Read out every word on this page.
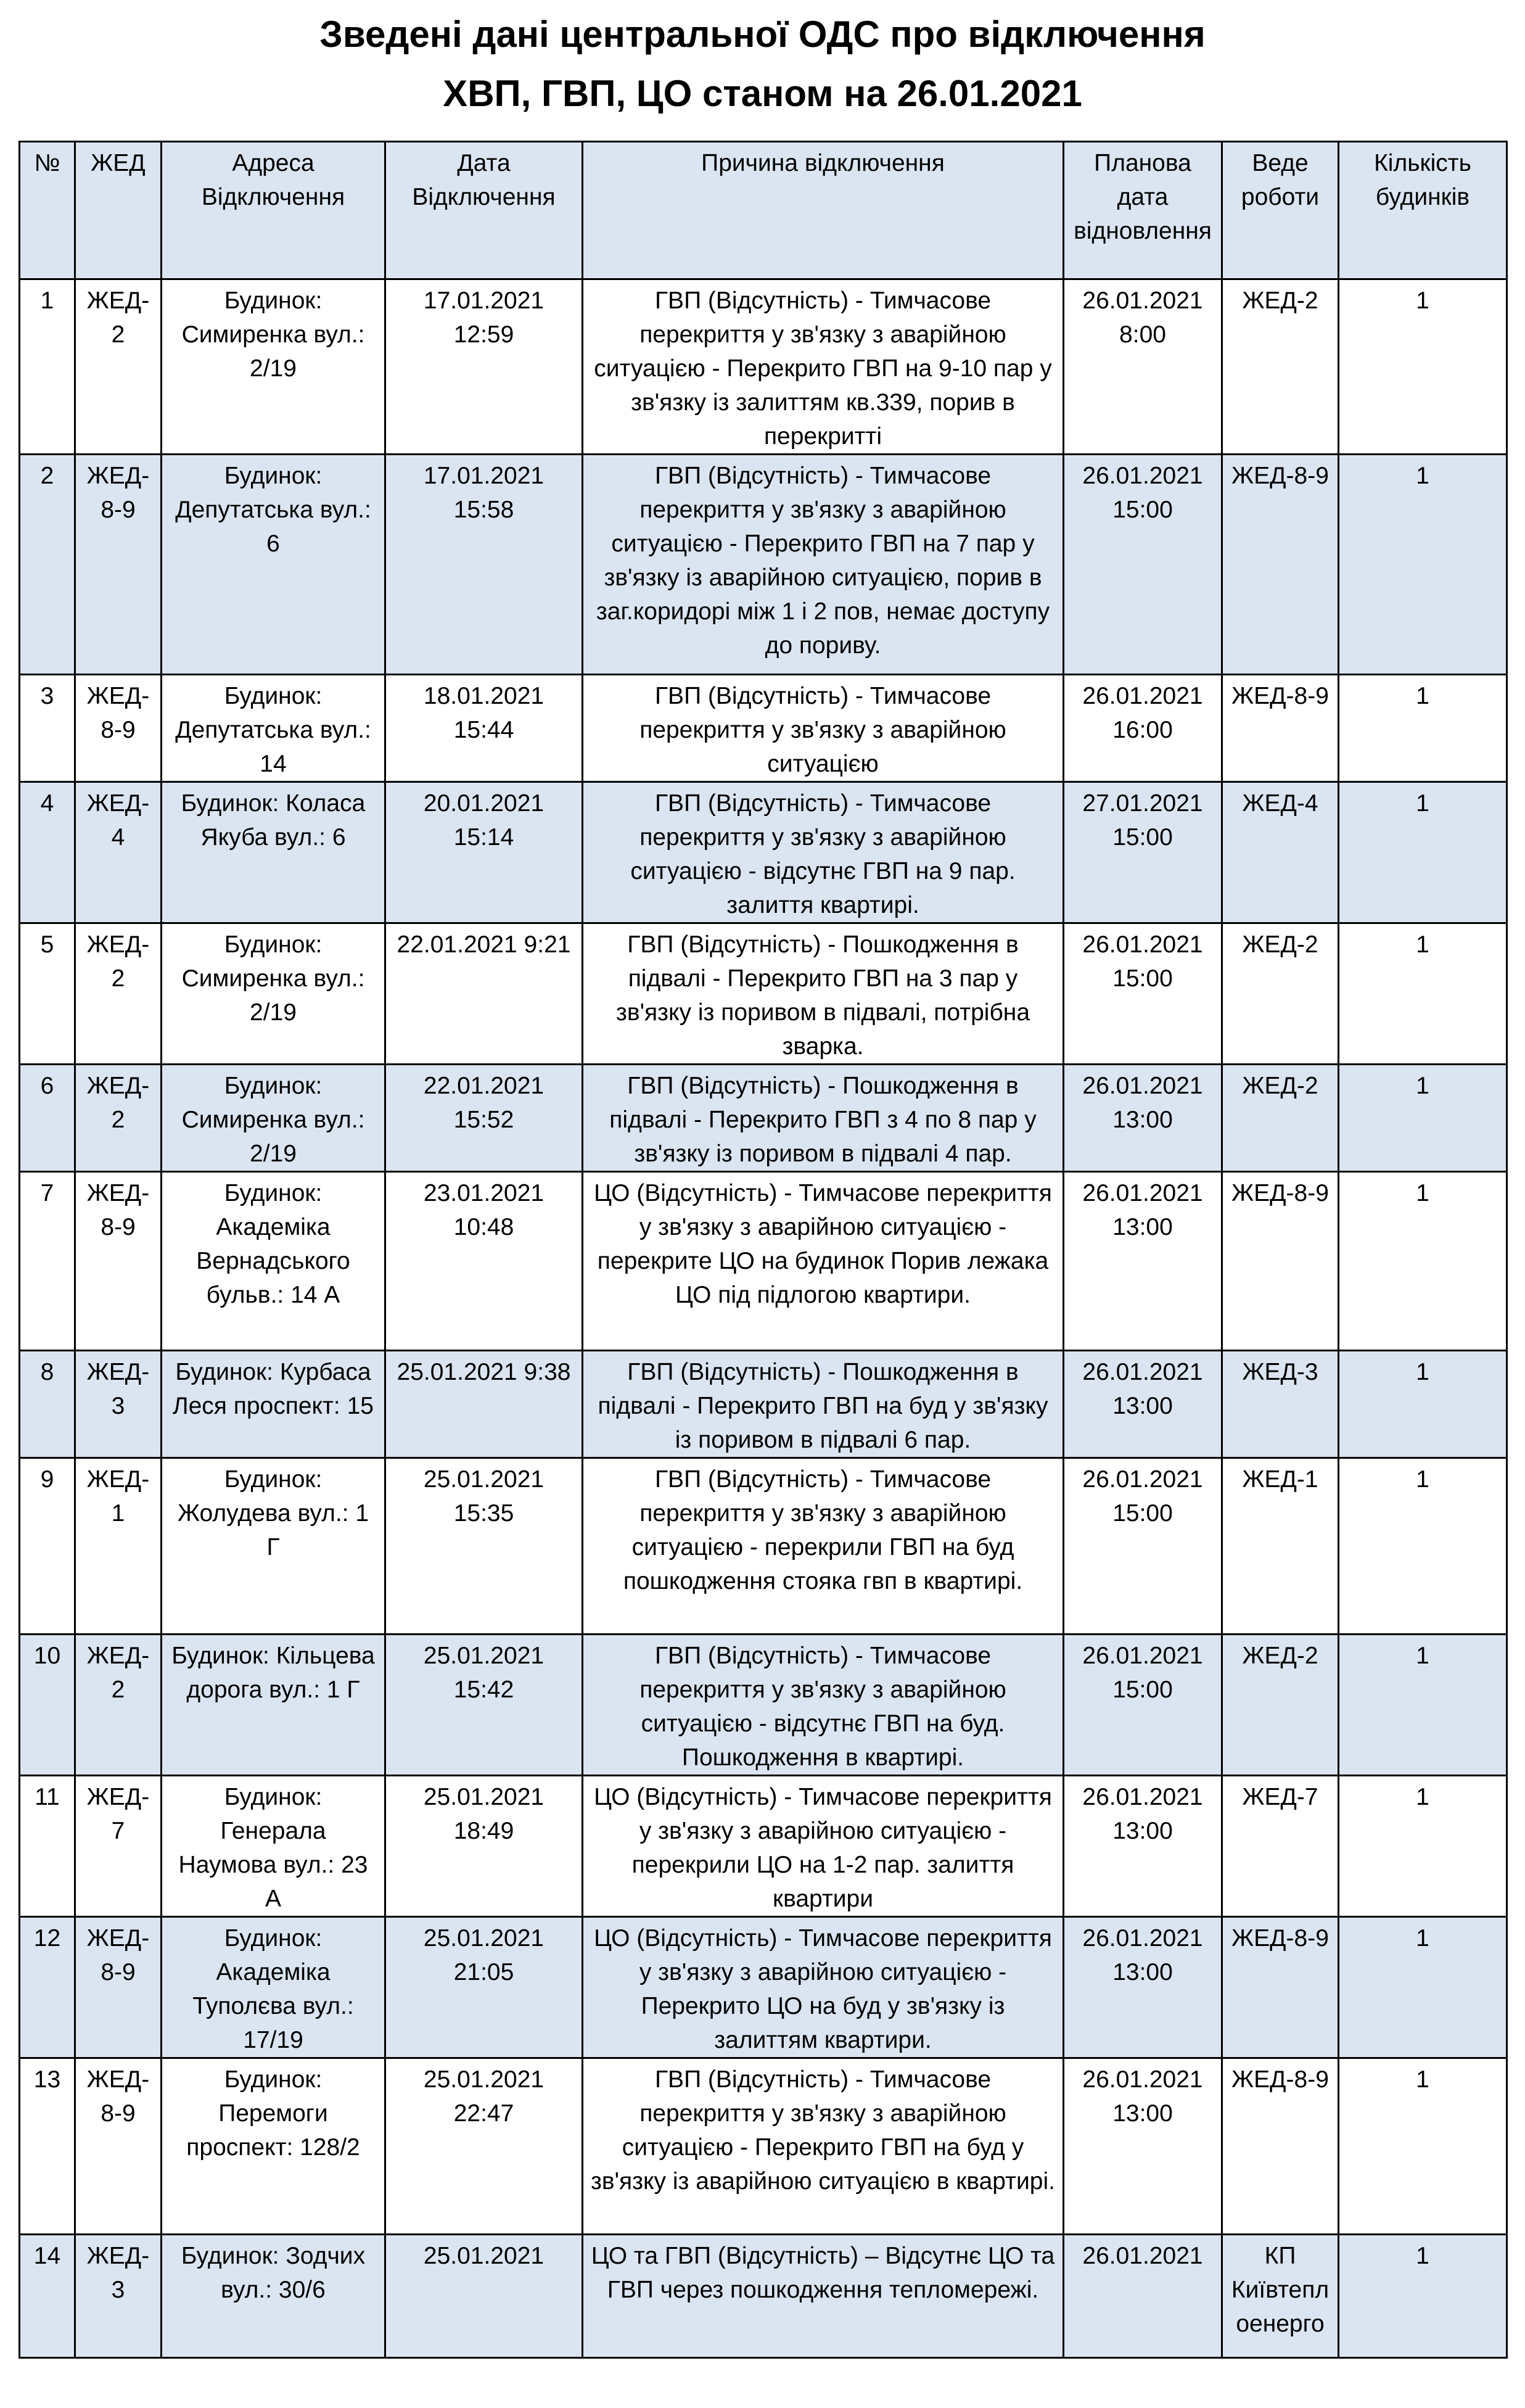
Зведені дані центральної ОДС про відключення
ХВП, ГВП, ЦО станом на 26.01.2021
№	ЖЕД	Адреса Відключення	Дата Відключення	Причина відключення	Планова дата відновлення	Веде роботи	Кількість будинків
1	ЖЕД-2	Будинок: Симиренка вул.: 2/19	17.01.2021 12:59	ГВП (Відсутність) - Тимчасове перекриття у зв'язку з аварійною ситуацією - Перекрито ГВП на 9-10 пар у зв'язку із залиттям кв.339, порив в перекритті	26.01.2021 8:00	ЖЕД-2	1
2	ЖЕД-8-9	Будинок: Депутатська вул.: 6	17.01.2021 15:58	ГВП (Відсутність) - Тимчасове перекриття у зв'язку з аварійною ситуацією - Перекрито ГВП на 7 пар у зв'язку із аварійною ситуацією, порив в заг.коридорі між 1 і 2 пов, немає доступу до пориву.	26.01.2021 15:00	ЖЕД-8-9	1
3	ЖЕД-8-9	Будинок: Депутатська вул.: 14	18.01.2021 15:44	ГВП (Відсутність) - Тимчасове перекриття у зв'язку з аварійною ситуацією	26.01.2021 16:00	ЖЕД-8-9	1
4	ЖЕД-4	Будинок: Коласа Якуба вул.: 6	20.01.2021 15:14	ГВП (Відсутність) - Тимчасове перекриття у зв'язку з аварійною ситуацією - відсутнє ГВП на 9 пар. залиття квартирі.	27.01.2021 15:00	ЖЕД-4	1
5	ЖЕД-2	Будинок: Симиренка вул.: 2/19	22.01.2021 9:21	ГВП (Відсутність) - Пошкодження в підвалі - Перекрито ГВП на 3 пар у зв'язку із поривом в підвалі, потрібна зварка.	26.01.2021 15:00	ЖЕД-2	1
6	ЖЕД-2	Будинок: Симиренка вул.: 2/19	22.01.2021 15:52	ГВП (Відсутність) - Пошкодження в підвалі - Перекрито ГВП з 4 по 8 пар у зв'язку із поривом в підвалі 4 пар.	26.01.2021 13:00	ЖЕД-2	1
7	ЖЕД-8-9	Будинок: Академіка Вернадського бульв.: 14 А	23.01.2021 10:48	ЦО (Відсутність) - Тимчасове перекриття у зв'язку з аварійною ситуацією - перекрите ЦО на будинок Порив лежака ЦО під підлогою квартири.	26.01.2021 13:00	ЖЕД-8-9	1
8	ЖЕД-3	Будинок: Курбаса Леся проспект: 15	25.01.2021 9:38	ГВП (Відсутність) - Пошкодження в підвалі - Перекрито ГВП на буд у зв'язку із поривом в підвалі 6 пар.	26.01.2021 13:00	ЖЕД-3	1
9	ЖЕД-1	Будинок: Жолудева вул.: 1 Г	25.01.2021 15:35	ГВП (Відсутність) - Тимчасове перекриття у зв'язку з аварійною ситуацією - перекрили ГВП на буд пошкодження стояка гвп в квартирі.	26.01.2021 15:00	ЖЕД-1	1
10	ЖЕД-2	Будинок: Кільцева дорога вул.: 1 Г	25.01.2021 15:42	ГВП (Відсутність) - Тимчасове перекриття у зв'язку з аварійною ситуацією - відсутнє ГВП на буд. Пошкодження в квартирі.	26.01.2021 15:00	ЖЕД-2	1
11	ЖЕД-7	Будинок: Генерала Наумова вул.: 23 А	25.01.2021 18:49	ЦО (Відсутність) - Тимчасове перекриття у зв'язку з аварійною ситуацією - перекрили ЦО на 1-2 пар. залиття квартири	26.01.2021 13:00	ЖЕД-7	1
12	ЖЕД-8-9	Будинок: Академіка Туполєва вул.: 17/19	25.01.2021 21:05	ЦО (Відсутність) - Тимчасове перекриття у зв'язку з аварійною ситуацією - Перекрито ЦО на буд у зв'язку із залиттям квартири.	26.01.2021 13:00	ЖЕД-8-9	1
13	ЖЕД-8-9	Будинок: Перемоги проспект: 128/2	25.01.2021 22:47	ГВП (Відсутність) - Тимчасове перекриття у зв'язку з аварійною ситуацією - Перекрито ГВП на буд у зв'язку із аварійною ситуацією в квартирі.	26.01.2021 13:00	ЖЕД-8-9	1
14	ЖЕД-3	Будинок: Зодчих вул.: 30/6	25.01.2021	ЦО та ГВП (Відсутність) – Відсутнє ЦО та ГВП через пошкодження тепломережі.	26.01.2021	КП Київтеплоенерго	1
